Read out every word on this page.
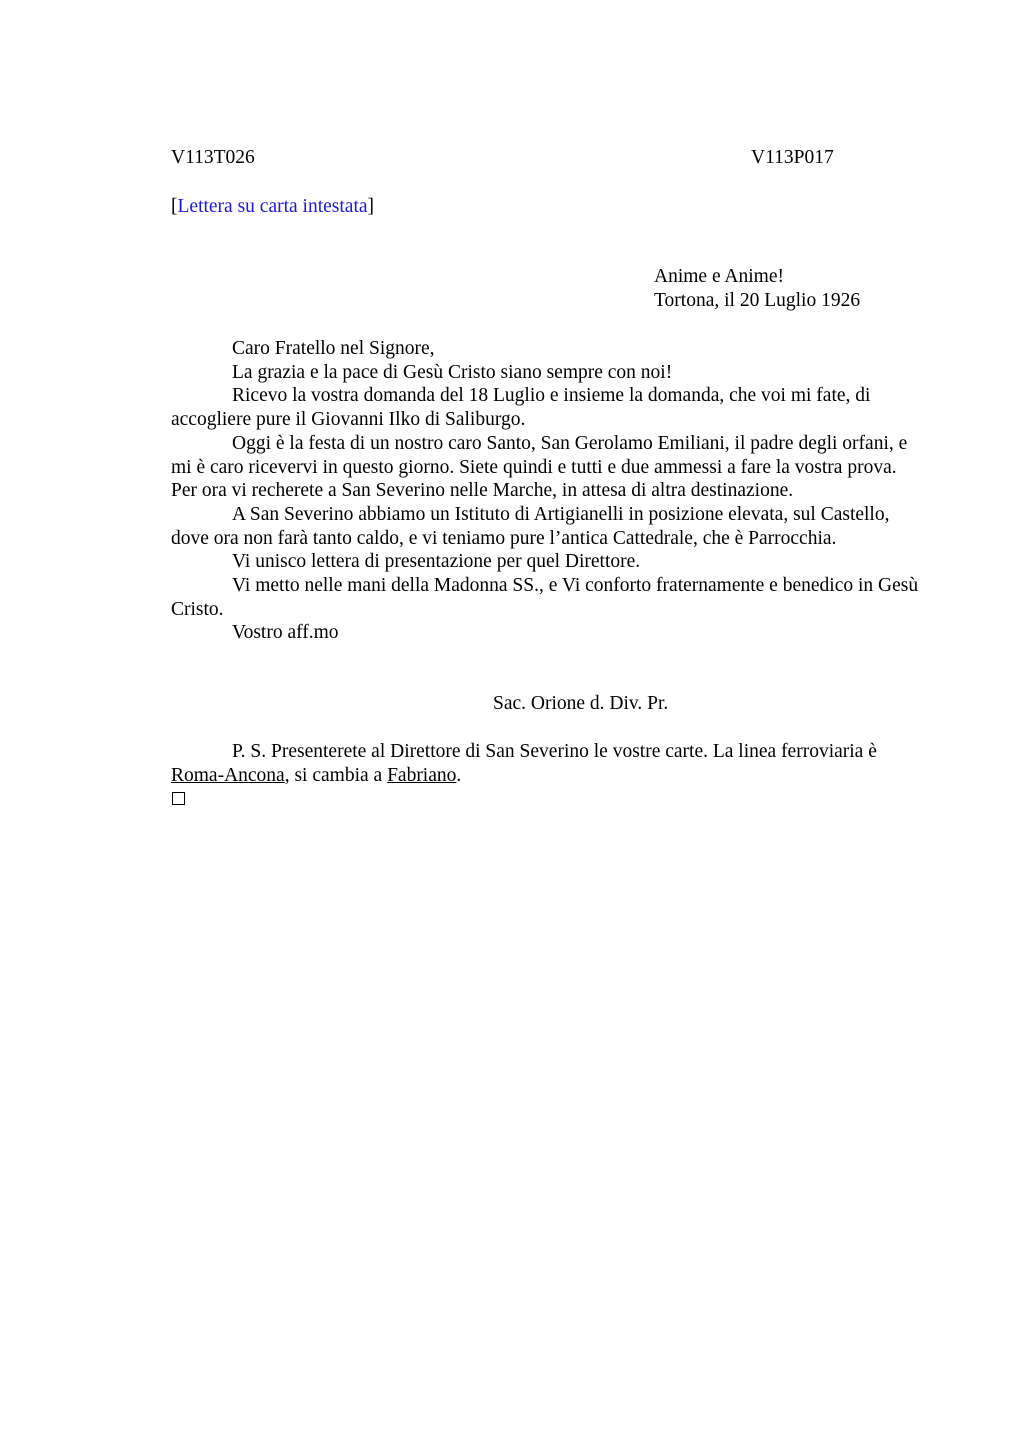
V113T026	V113P017
[Lettera su carta intestata]
Anime e Anime!
Tortona, il 20 Luglio 1926

Caro Fratello nel Signore,

La grazia e la pace di Gesù Cristo siano sempre con noi!

Ricevo la vostra domanda del 18 Luglio e insieme la domanda, che voi mi fate, di accogliere pure il Giovanni Ilko di Saliburgo.

Oggi è la festa di un nostro caro Santo, San Gerolamo Emiliani, il padre degli orfani, e mi è caro ricevervi in questo giorno. Siete quindi e tutti e due ammessi a fare la vostra prova. Per ora vi recherete a San Severino nelle Marche, in attesa di altra destinazione.

A San Severino abbiamo un Istituto di Artigianelli in posizione elevata, sul Castello, dove ora non farà tanto caldo, e vi teniamo pure l’antica Cattedrale, che è Parrocchia.

Vi unisco lettera di presentazione per quel Direttore.

Vi metto nelle mani della Madonna SS., e Vi conforto fraternamente e benedico in Gesù Cristo.

Vostro aff.mo

Sac. Orione d. Div. Pr.

P. S. Presenterete al Direttore di San Severino le vostre carte. La linea ferroviaria è Roma-Ancona, si cambia a Fabriano.
